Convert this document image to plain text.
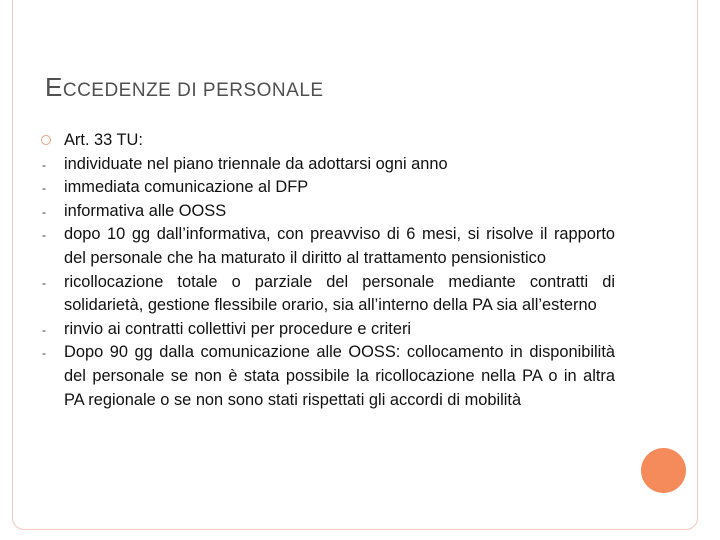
ECCEDENZE DI PERSONALE
Art. 33 TU:
-	individuate nel piano triennale da adottarsi ogni anno
-	immediata comunicazione al DFP
-	informativa alle OOSS
-	dopo 10 gg dall’informativa, con preavviso di 6 mesi, si risolve il rapporto del personale che ha maturato il diritto al trattamento pensionistico
-	ricollocazione totale o parziale del personale mediante contratti di solidarietà, gestione flessibile orario, sia all’interno della PA sia all’esterno
-	rinvio ai contratti collettivi per procedure e criteri
-	Dopo 90 gg dalla comunicazione alle OOSS: collocamento in disponibilità del personale se non è stata possibile la ricollocazione nella PA o in altra PA regionale o se non sono stati rispettati gli accordi di mobilità
